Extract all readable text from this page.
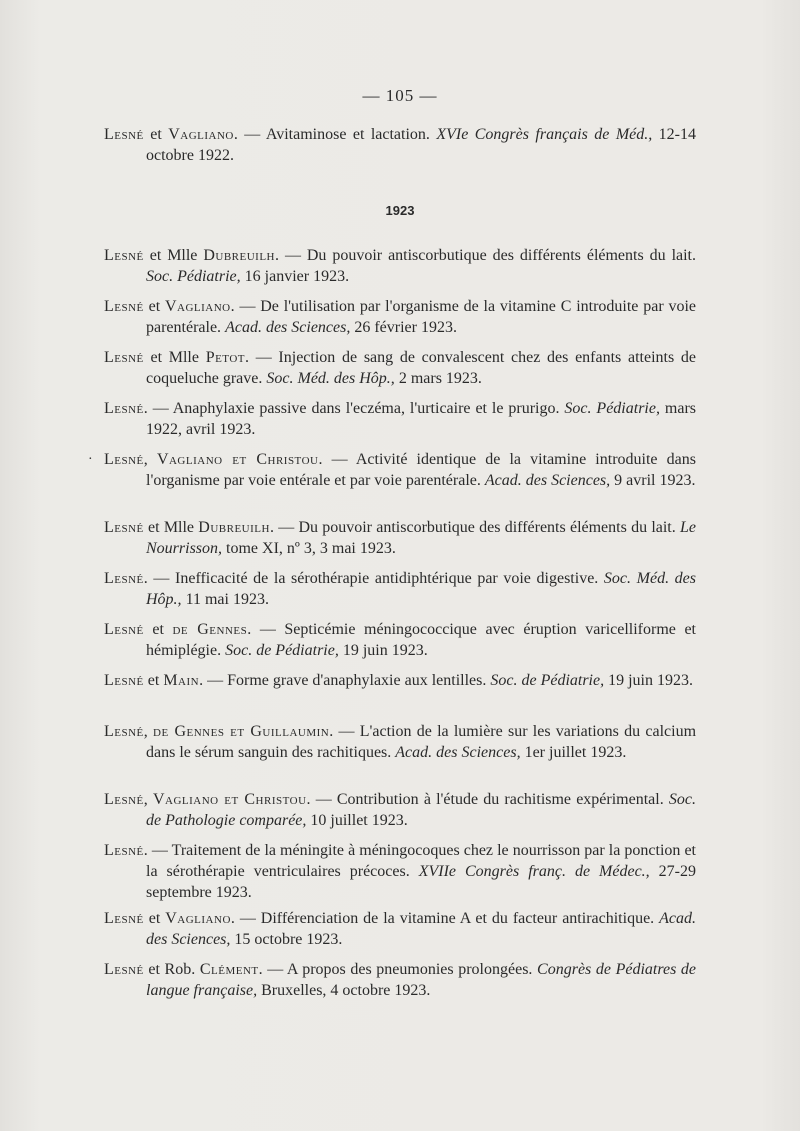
— 105 —
Lesné et Vagliano. — Avitaminose et lactation. XVIe Congrès français de Méd., 12-14 octobre 1922.
1923
Lesné et Mlle Dubreuilh. — Du pouvoir antiscorbutique des différents éléments du lait. Soc. Pédiatrie, 16 janvier 1923.
Lesné et Vagliano. — De l'utilisation par l'organisme de la vitamine C introduite par voie parentérale. Acad. des Sciences, 26 février 1923.
Lesné et Mlle Petot. — Injection de sang de convalescent chez des enfants atteints de coqueluche grave. Soc. Méd. des Hôp., 2 mars 1923.
Lesné. — Anaphylaxie passive dans l'eczéma, l'urticaire et le prurigo. Soc. Pédiatrie, mars 1922, avril 1923.
· Lesné, Vagliano et Christou. — Activité identique de la vitamine introduite dans l'organisme par voie entérale et par voie parentérale. Acad. des Sciences, 9 avril 1923.
Lesné et Mlle Dubreuilh. — Du pouvoir antiscorbutique des différents éléments du lait. Le Nourrisson, tome XI, nº 3, 3 mai 1923.
Lesné. — Inefficacité de la sérothérapie antidiphtérique par voie digestive. Soc. Méd. des Hôp., 11 mai 1923.
Lesné et de Gennes. — Septicémie méningococcique avec éruption varicelliforme et hémiplégie. Soc. de Pédiatrie, 19 juin 1923.
Lesné et Main. — Forme grave d'anaphylaxie aux lentilles. Soc. de Pédiatrie, 19 juin 1923.
Lesné, de Gennes et Guillaumin. — L'action de la lumière sur les variations du calcium dans le sérum sanguin des rachitiques. Acad. des Sciences, 1er juillet 1923.
Lesné, Vagliano et Christou. — Contribution à l'étude du rachitisme expérimental. Soc. de Pathologie comparée, 10 juillet 1923.
Lesné. — Traitement de la méningite à méningocoques chez le nourrisson par la ponction et la sérothérapie ventriculaires précoces. XVIIe Congrès franç. de Médec., 27-29 septembre 1923.
Lesné et Vagliano. — Différenciation de la vitamine A et du facteur antirachitique. Acad. des Sciences, 15 octobre 1923.
Lesné et Rob. Clément. — A propos des pneumonies prolongées. Congrès de Pédiatres de langue française, Bruxelles, 4 octobre 1923.
